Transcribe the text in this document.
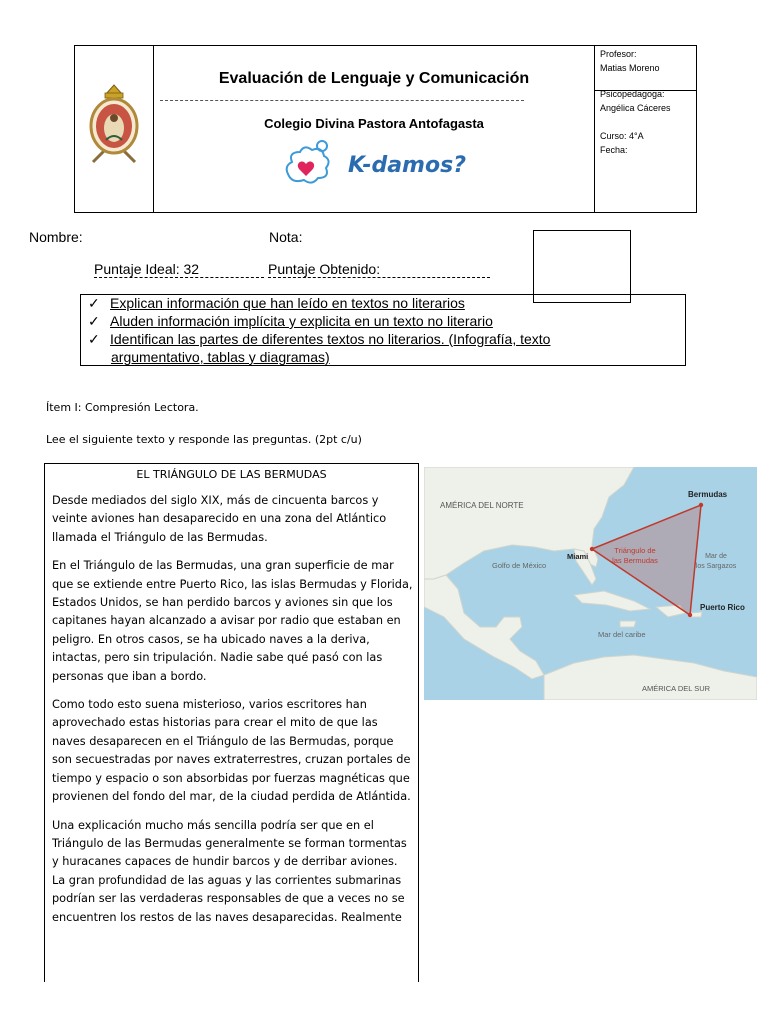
Evaluación de Lenguaje y Comunicación
Colegio Divina Pastora Antofagasta
K-damos?
Profesor:
Matias Moreno
Psicopedagoga:
Angélica Cáceres
Curso: 4°A
Fecha:
Nombre:	Nota:
Puntaje Ideal: 32	Puntaje Obtenido:
✓ Explican información que han leído en textos no literarios
✓ Aluden información implícita y explicita en un texto no literario
✓ Identifican las partes de diferentes textos no literarios. (Infografía, texto
argumentativo, tablas y diagramas)
Ítem I: Compresión Lectora.
Lee el siguiente texto y responde las preguntas. (2pt c/u)
EL TRIÁNGULO DE LAS BERMUDAS

Desde mediados del siglo XIX, más de cincuenta barcos y veinte aviones han desaparecido en una zona del Atlántico llamada el Triángulo de las Bermudas.

En el Triángulo de las Bermudas, una gran superficie de mar que se extiende entre Puerto Rico, las islas Bermudas y Florida, Estados Unidos, se han perdido barcos y aviones sin que los capitanes hayan alcanzado a avisar por radio que estaban en peligro. En otros casos, se ha ubicado naves a la deriva, intactas, pero sin tripulación. Nadie sabe qué pasó con las personas que iban a bordo.

Como todo esto suena misterioso, varios escritores han aprovechado estas historias para crear el mito de que las naves desaparecen en el Triángulo de las Bermudas, porque son secuestradas por naves extraterrestres, cruzan portales de tiempo y espacio o son absorbidas por fuerzas magnéticas que provienen del fondo del mar, de la ciudad perdida de Atlántida.

Una explicación mucho más sencilla podría ser que en el Triángulo de las Bermudas generalmente se forman tormentas y huracanes capaces de hundir barcos y de derribar aviones. La gran profundidad de las aguas y las corrientes submarinas podrían ser las verdaderas responsables de que a veces no se encuentren los restos de las naves desaparecidas. Realmente

AMÉRICA DEL NORTE
Bermudas
Miami
Triángulo de
las Bermudas
Golfo de México
Mar de
los Sargazos
Puerto Rico
Mar del caribe
AMÉRICA DEL SUR
